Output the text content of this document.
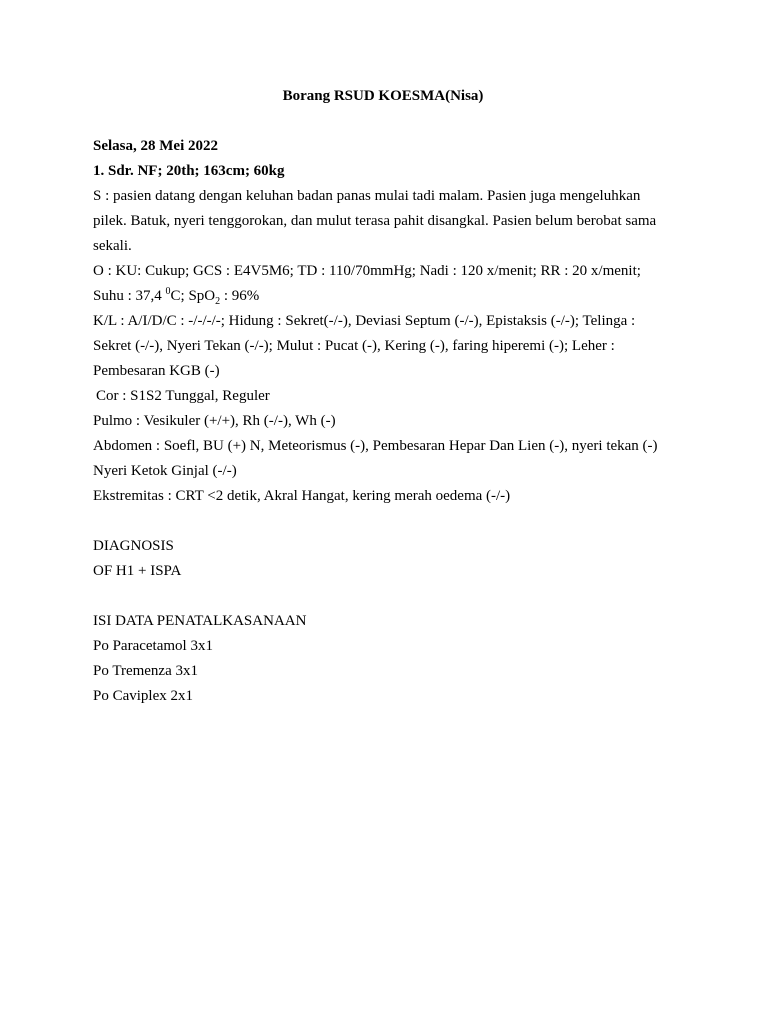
Borang RSUD KOESMA(Nisa)

Selasa, 28 Mei 2022

1. Sdr. NF; 20th; 163cm; 60kg

S : pasien datang dengan keluhan badan panas mulai tadi malam. Pasien juga mengeluhkan pilek. Batuk, nyeri tenggorokan, dan mulut terasa pahit disangkal. Pasien belum berobat sama sekali.

O : KU: Cukup; GCS : E4V5M6; TD : 110/70mmHg; Nadi : 120 x/menit; RR : 20 x/menit;

Suhu : 37,4 $^0$C; SpO$_2$ : 96%

K/L : A/I/D/C : -/-/-/-; Hidung : Sekret(-/-), Deviasi Septum (-/-), Epistaksis (-/-); Telinga : Sekret (-/-), Nyeri Tekan (-/-); Mulut : Pucat (-), Kering (-), faring hiperemi (-); Leher : Pembesaran KGB (-)

Cor : S1S2 Tunggal, Reguler

Pulmo : Vesikuler (+/+), Rh (-/-), Wh (-)

Abdomen : Soefl, BU (+) N, Meteorismus (-), Pembesaran Hepar Dan Lien (-), nyeri tekan (-)

Nyeri Ketok Ginjal (-/-)

Ekstremitas : CRT <2 detik, Akral Hangat, kering merah oedema (-/-)

DIAGNOSIS

OF H1 + ISPA

ISI DATA PENATALKASANAAN

Po Paracetamol 3x1

Po Tremenza 3x1

Po Caviplex 2x1
